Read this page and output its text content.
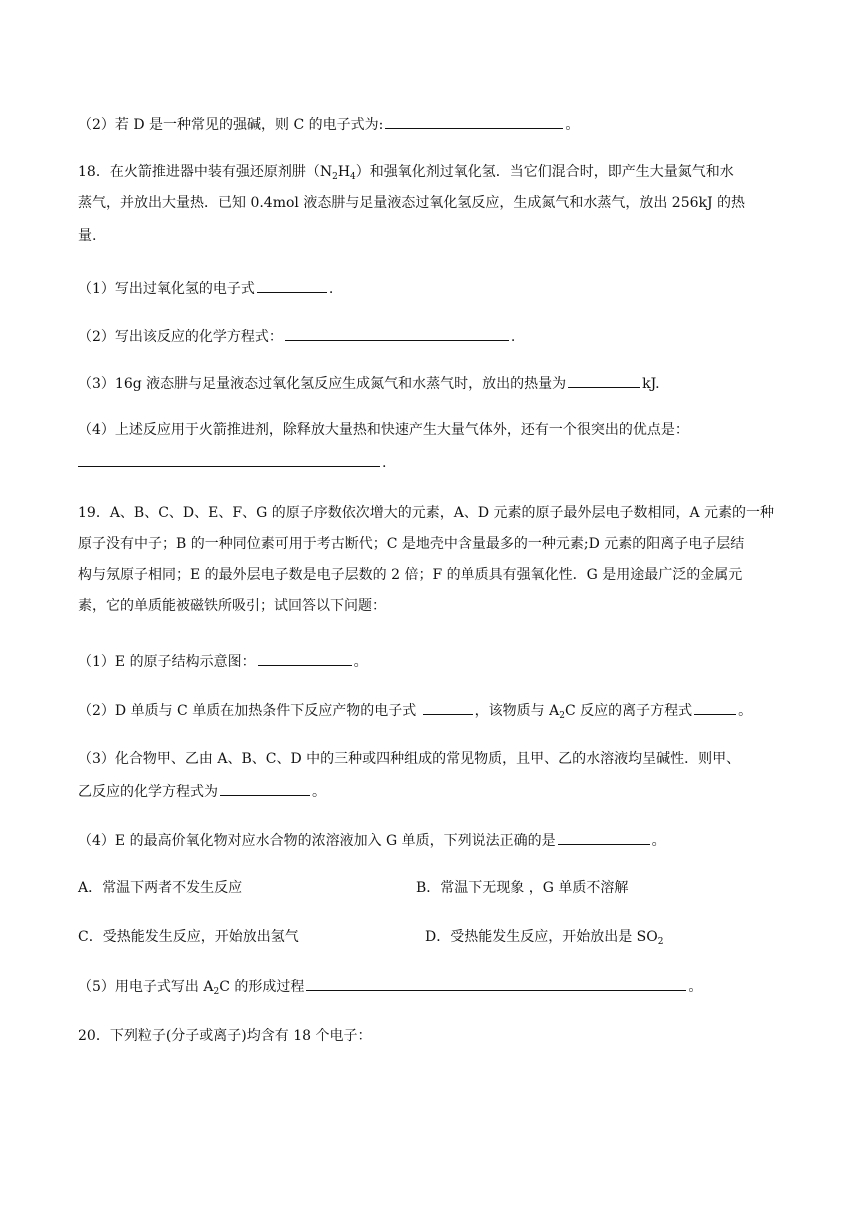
（2）若 D 是一种常见的强碱，则 C 的电子式为:	。
18．在火箭推进器中装有强还原剂肼$(N_2H_4)$和强氧化剂过氧化氢．当它们混合时，即产生大量氮气和水
蒸气，并放出大量热．已知 0.4mol 液态肼与足量液态过氧化氢反应，生成氮气和水蒸气，放出 256kJ 的热
量.
（1）写出过氧化氢的电子式	.
（2）写出该反应的化学方程式：	.
（3）16g 液态肼与足量液态过氧化氢反应生成氮气和水蒸气时，放出的热量为	kJ.
（4）上述反应用于火箭推进剂，除释放大量热和快速产生大量气体外，还有一个很突出的优点是：
.
19．A、B、C、D、E、F、G 的原子序数依次增大的元素，A、D 元素的原子最外层电子数相同，A 元素的一种
原子没有中子；B 的一种同位素可用于考古断代；C 是地壳中含量最多的一种元素;D 元素的阳离子电子层结
构与氖原子相同；E 的最外层电子数是电子层数的 2 倍；F 的单质具有强氧化性．G 是用途最广泛的金属元
素，它的单质能被磁铁所吸引；试回答以下问题：
（1）E 的原子结构示意图：	。
（2）D 单质与 C 单质在加热条件下反应产物的电子式	，该物质与 $A_2C$ 反应的离子方程式	。
（3）化合物甲、乙由 A、B、C、D 中的三种或四种组成的常见物质，且甲、乙的水溶液均呈碱性．则甲、
乙反应的化学方程式为	。
（4）E 的最高价氧化物对应水合物的浓溶液加入 G 单质，下列说法正确的是	。
A．常温下两者不发生反应	B．常温下无现象 ，G 单质不溶解
C．受热能发生反应，开始放出氢气	D．受热能发生反应，开始放出是 $SO_2$
（5）用电子式写出 $A_2C$ 的形成过程	。
20．下列粒子(分子或离子)均含有 18 个电子：
